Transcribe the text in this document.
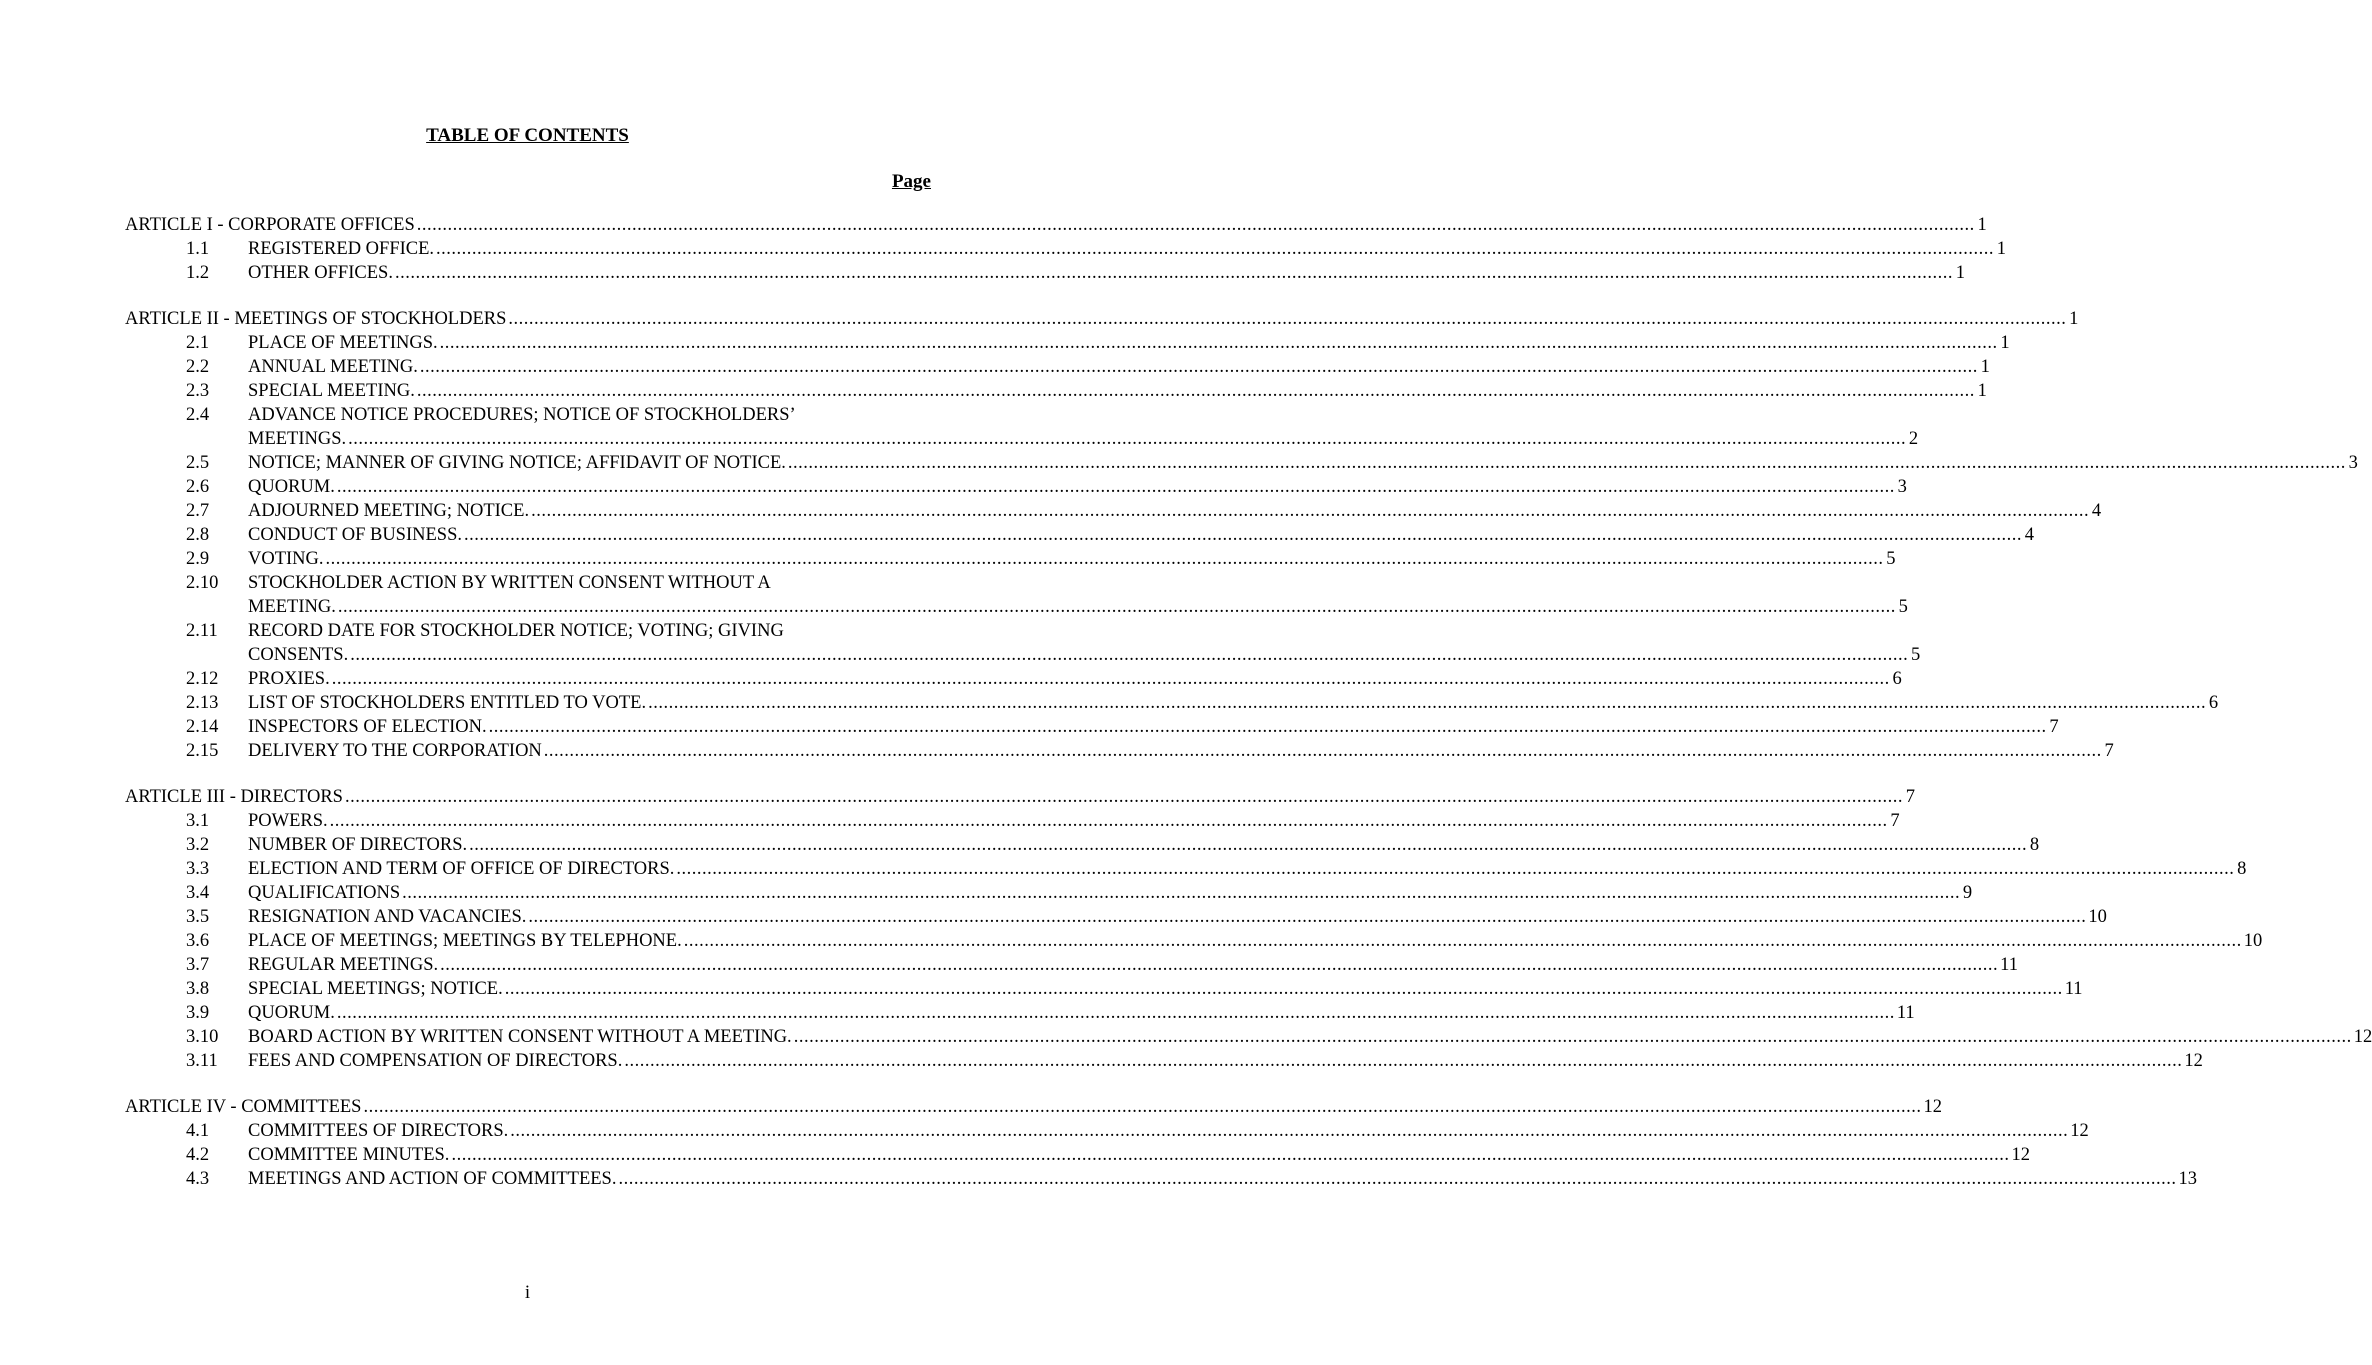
TABLE OF CONTENTS
Page
ARTICLE I - CORPORATE OFFICES .....	1
1.1	REGISTERED OFFICE. .....	1
1.2	OTHER OFFICES. .....	1
ARTICLE II - MEETINGS OF STOCKHOLDERS .....	1
2.1	PLACE OF MEETINGS. .....	1
2.2	ANNUAL MEETING. .....	1
2.3	SPECIAL MEETING. .....	1
2.4	ADVANCE NOTICE PROCEDURES; NOTICE OF STOCKHOLDERS’
MEETINGS. .....	2
2.5	NOTICE; MANNER OF GIVING NOTICE; AFFIDAVIT OF NOTICE. .....	3
2.6	QUORUM. .....	3
2.7	ADJOURNED MEETING; NOTICE. .....	4
2.8	CONDUCT OF BUSINESS. .....	4
2.9	VOTING. .....	5
2.10	STOCKHOLDER ACTION BY WRITTEN CONSENT WITHOUT A
MEETING. .....	5
2.11	RECORD DATE FOR STOCKHOLDER NOTICE; VOTING; GIVING
CONSENTS. .....	5
2.12	PROXIES. .....	6
2.13	LIST OF STOCKHOLDERS ENTITLED TO VOTE. .....	6
2.14	INSPECTORS OF ELECTION. .....	7
2.15	DELIVERY TO THE CORPORATION .....	7
ARTICLE III - DIRECTORS .....	7
3.1	POWERS. .....	7
3.2	NUMBER OF DIRECTORS. .....	8
3.3	ELECTION AND TERM OF OFFICE OF DIRECTORS. .....	8
3.4	QUALIFICATIONS .....	9
3.5	RESIGNATION AND VACANCIES. .....	10
3.6	PLACE OF MEETINGS; MEETINGS BY TELEPHONE. .....	10
3.7	REGULAR MEETINGS. .....	11
3.8	SPECIAL MEETINGS; NOTICE. .....	11
3.9	QUORUM. .....	11
3.10	BOARD ACTION BY WRITTEN CONSENT WITHOUT A MEETING. .....	12
3.11	FEES AND COMPENSATION OF DIRECTORS. .....	12
ARTICLE IV - COMMITTEES .....	12
4.1	COMMITTEES OF DIRECTORS. .....	12
4.2	COMMITTEE MINUTES. .....	12
4.3	MEETINGS AND ACTION OF COMMITTEES. .....	13
i
